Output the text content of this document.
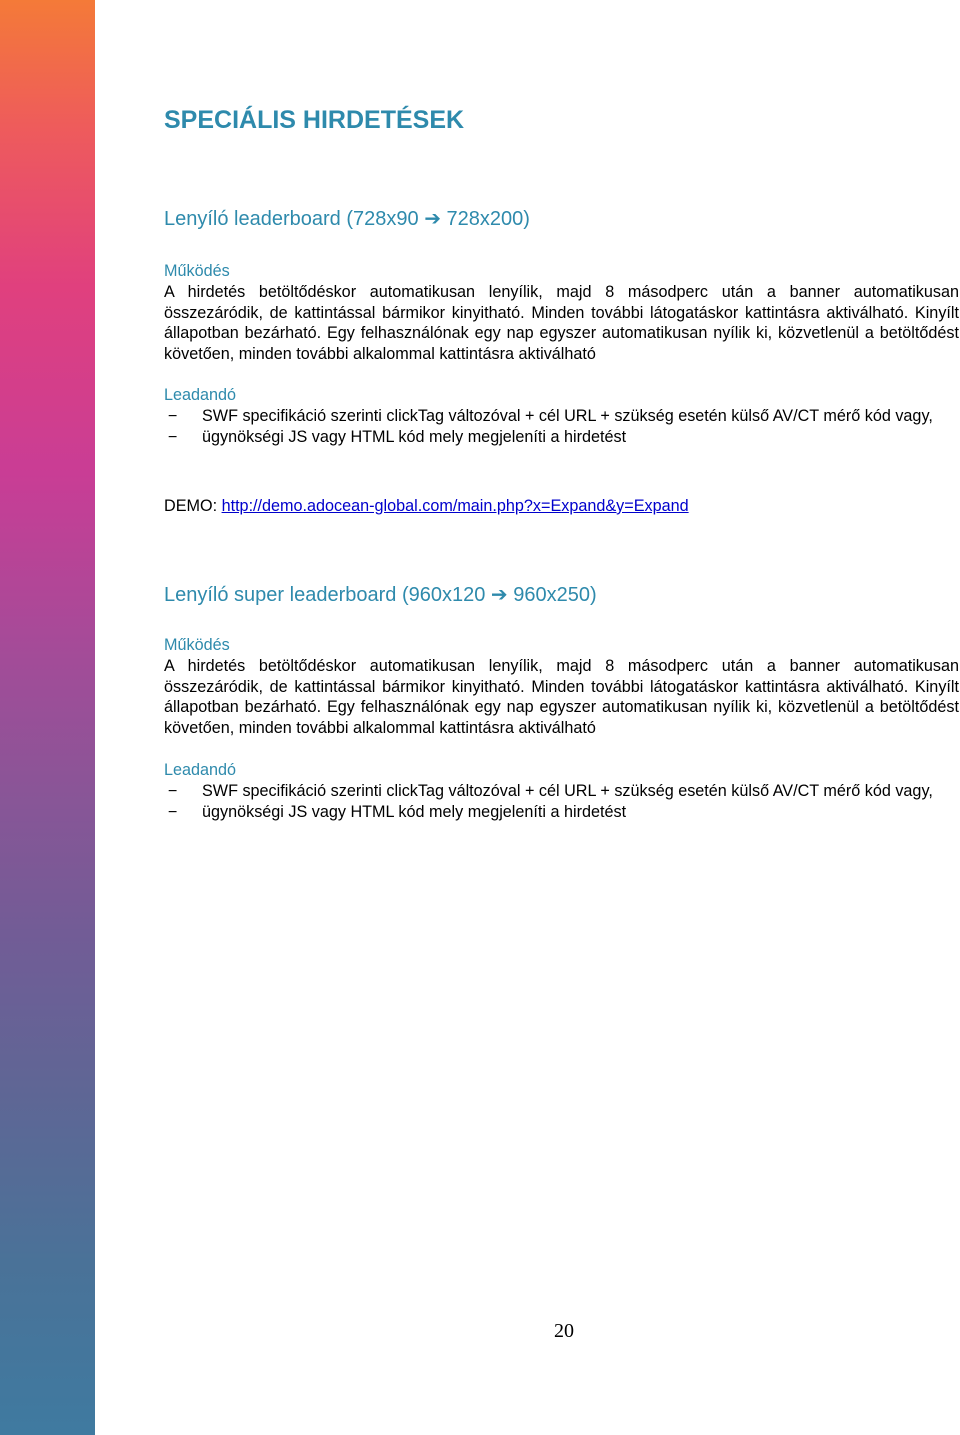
SPECIÁLIS HIRDETÉSEK
Lenyíló leaderboard (728x90 ➔ 728x200)
Működés
A hirdetés betöltődéskor automatikusan lenyílik, majd 8 másodperc után a banner automatikusan összezáródik, de kattintással bármikor kinyitható. Minden további látogatáskor kattintásra aktiválható. Kinyílt állapotban bezárható. Egy felhasználónak egy nap egyszer automatikusan nyílik ki, közvetlenül a betöltődést követően, minden további alkalommal kattintásra aktiválható
Leadandó
− SWF specifikáció szerinti clickTag változóval + cél URL + szükség esetén külső AV/CT mérő kód vagy,
− ügynökségi JS vagy HTML kód mely megjeleníti a hirdetést
DEMO: http://demo.adocean-global.com/main.php?x=Expand&y=Expand
Lenyíló super leaderboard (960x120 ➔ 960x250)
Működés
A hirdetés betöltődéskor automatikusan lenyílik, majd 8 másodperc után a banner automatikusan összezáródik, de kattintással bármikor kinyitható. Minden további látogatáskor kattintásra aktiválható. Kinyílt állapotban bezárható. Egy felhasználónak egy nap egyszer automatikusan nyílik ki, közvetlenül a betöltődést követően, minden további alkalommal kattintásra aktiválható
Leadandó
− SWF specifikáció szerinti clickTag változóval + cél URL + szükség esetén külső AV/CT mérő kód vagy,
− ügynökségi JS vagy HTML kód mely megjeleníti a hirdetést
20
